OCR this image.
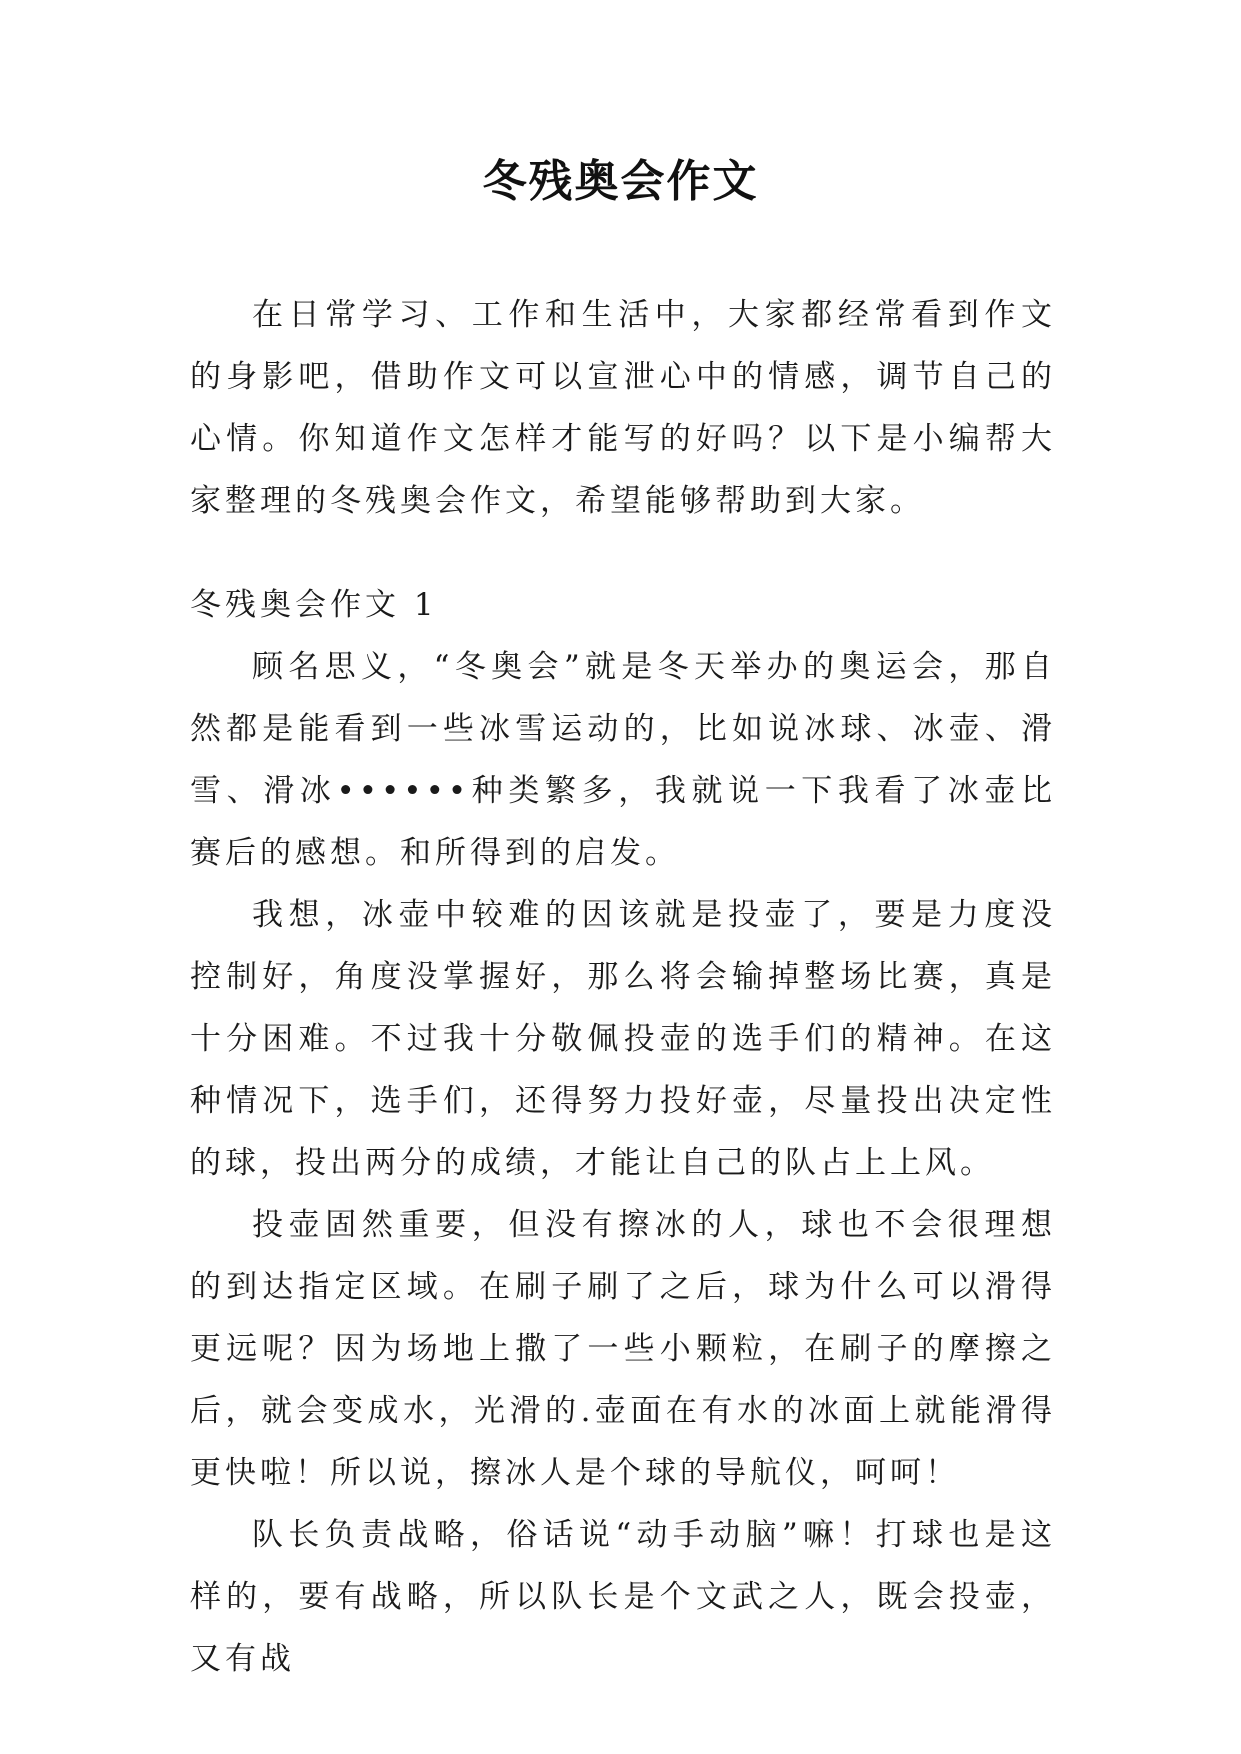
冬残奥会作文

在日常学习、工作和生活中，大家都经常看到作文的身影吧，借助作文可以宣泄心中的情感，调节自己的心情。你知道作文怎样才能写的好吗？以下是小编帮大家整理的冬残奥会作文，希望能够帮助到大家。

冬残奥会作文 1

顾名思义，“冬奥会”就是冬天举办的奥运会，那自然都是能看到一些冰雪运动的，比如说冰球、冰壶、滑雪、滑冰••••••种类繁多，我就说一下我看了冰壶比赛后的感想。和所得到的启发。

我想，冰壶中较难的因该就是投壶了，要是力度没控制好，角度没掌握好，那么将会输掉整场比赛，真是十分困难。不过我十分敬佩投壶的选手们的精神。在这种情况下，选手们，还得努力投好壶，尽量投出决定性的球，投出两分的成绩，才能让自己的队占上上风。

投壶固然重要，但没有擦冰的人，球也不会很理想的到达指定区域。在刷子刷了之后，球为什么可以滑得更远呢？因为场地上撒了一些小颗粒，在刷子的摩擦之后，就会变成水，光滑的.壶面在有水的冰面上就能滑得更快啦！所以说，擦冰人是个球的导航仪，呵呵！

队长负责战略，俗话说“动手动脑”嘛！打球也是这样的，要有战略，所以队长是个文武之人，既会投壶，又有战
